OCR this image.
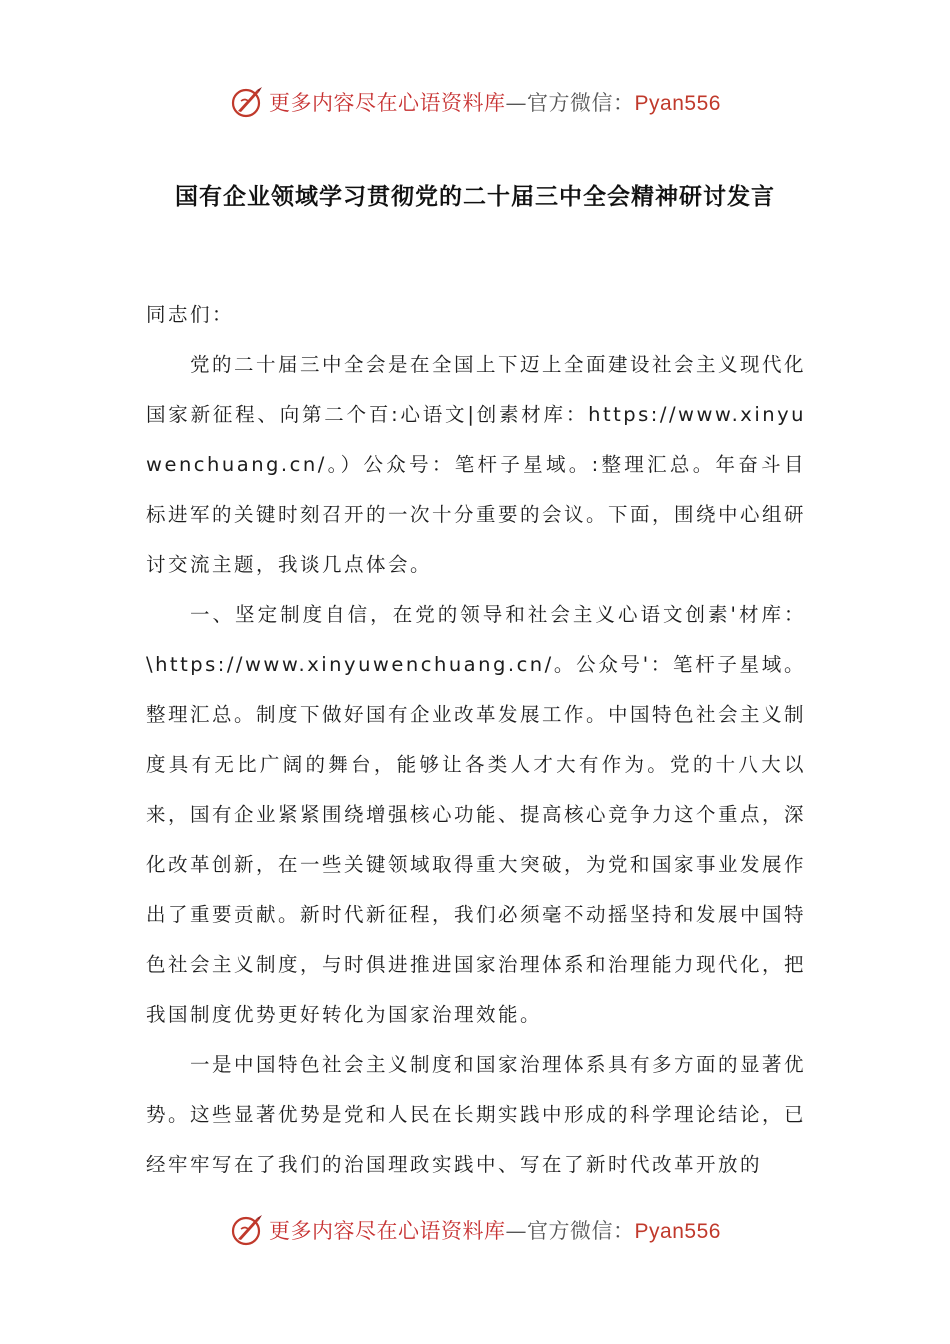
更多内容尽在心语资料库—官方微信：Pyan556
国有企业领域学习贯彻党的二十届三中全会精神研讨发言

同志们：

党的二十届三中全会是在全国上下迈上全面建设社会主义现代化国家新征程、向第二个百:心语文|创素材库：https://www.xinyuwenchuang.cn/。）公众号：笔杆子星域。:整理汇总。年奋斗目标进军的关键时刻召开的一次十分重要的会议。下面，围绕中心组研讨交流主题，我谈几点体会。

一、坚定制度自信，在党的领导和社会主义心语文创素'材库：\https://www.xinyuwenchuang.cn/。公众号'：笔杆子星域。整理汇总。制度下做好国有企业改革发展工作。中国特色社会主义制度具有无比广阔的舞台，能够让各类人才大有作为。党的十八大以来，国有企业紧紧围绕增强核心功能、提高核心竞争力这个重点，深化改革创新，在一些关键领域取得重大突破，为党和国家事业发展作出了重要贡献。新时代新征程，我们必须毫不动摇坚持和发展中国特色社会主义制度，与时俱进推进国家治理体系和治理能力现代化，把我国制度优势更好转化为国家治理效能。

一是中国特色社会主义制度和国家治理体系具有多方面的显著优势。这些显著优势是党和人民在长期实践中形成的科学理论结论，已经牢牢写在了我们的治国理政实践中、写在了新时代改革开放的

更多内容尽在心语资料库—官方微信：Pyan556
